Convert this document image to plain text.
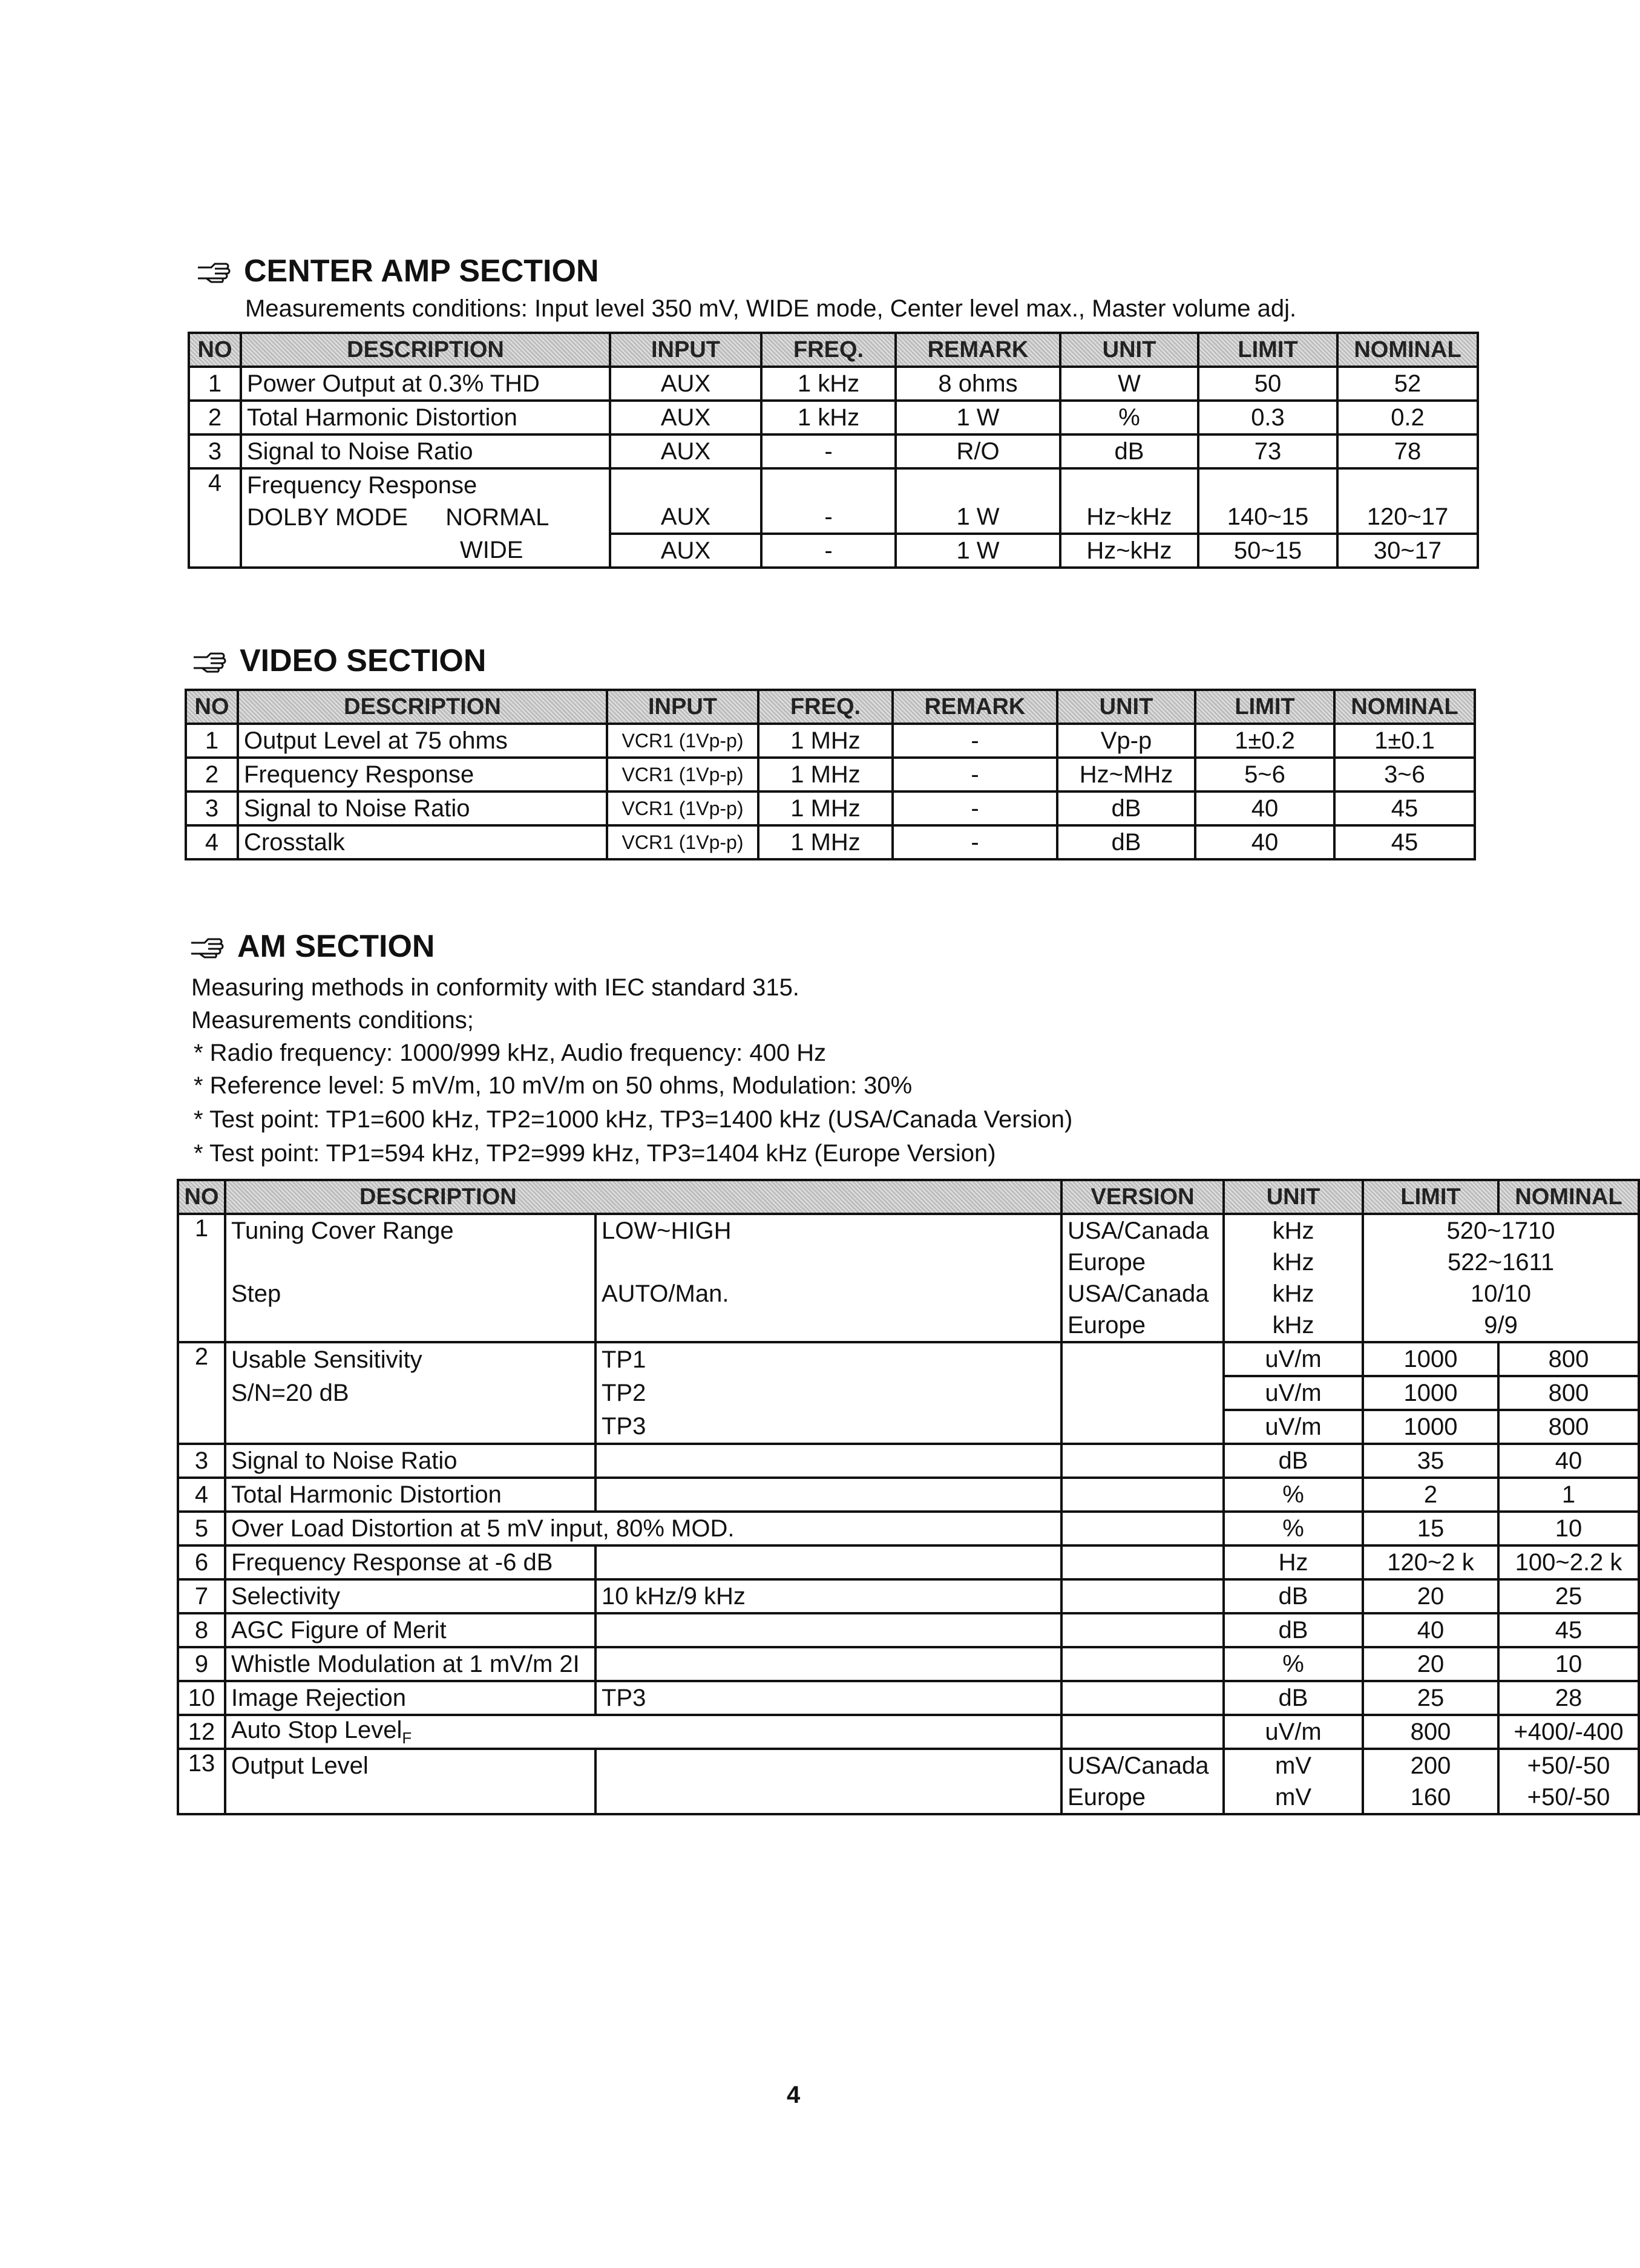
CENTER AMP SECTION
Measurements conditions: Input level 350 mV, WIDE mode, Center level max., Master volume adj.
NO	DESCRIPTION	INPUT	FREQ.	REMARK	UNIT	LIMIT	NOMINAL
1	Power Output at 0.3% THD	AUX	1 kHz	8 ohms	W	50	52
2	Total Harmonic Distortion	AUX	1 kHz	1 W	%	0.3	0.2
3	Signal to Noise Ratio	AUX	-	R/O	dB	73	78
4	Frequency Response						
	DOLBY MODE NORMAL	AUX	-	1 W	Hz~kHz	140~15	120~17
	WIDE	AUX	-	1 W	Hz~kHz	50~15	30~17
VIDEO SECTION
NO	DESCRIPTION	INPUT	FREQ.	REMARK	UNIT	LIMIT	NOMINAL
1	Output Level at 75 ohms	VCR1 (1Vp-p)	1 MHz	-	Vp-p	1±0.2	1±0.1
2	Frequency Response	VCR1 (1Vp-p)	1 MHz	-	Hz~MHz	5~6	3~6
3	Signal to Noise Ratio	VCR1 (1Vp-p)	1 MHz	-	dB	40	45
4	Crosstalk	VCR1 (1Vp-p)	1 MHz	-	dB	40	45
AM SECTION
Measuring methods in conformity with IEC standard 315.
Measurements conditions;
* Radio frequency: 1000/999 kHz, Audio frequency: 400 Hz
* Reference level: 5 mV/m, 10 mV/m on 50 ohms, Modulation: 30%
* Test point: TP1=600 kHz, TP2=1000 kHz, TP3=1400 kHz (USA/Canada Version)
* Test point: TP1=594 kHz, TP2=999 kHz, TP3=1404 kHz (Europe Version)
NO	DESCRIPTION		VERSION	UNIT	LIMIT	NOMINAL
1	Tuning Cover Range	LOW~HIGH	USA/Canada	kHz	520~1710	
			Europe	kHz	522~1611	
	Step	AUTO/Man.	USA/Canada	kHz	10/10	
			Europe	kHz	9/9	
2	Usable Sensitivity	TP1		uV/m	1000	800
	S/N=20 dB	TP2		uV/m	1000	800
		TP3		uV/m	1000	800
3	Signal to Noise Ratio			dB	35	40
4	Total Harmonic Distortion			%	2	1
5	Over Load Distortion at 5 mV input, 80% MOD.			%	15	10
6	Frequency Response at -6 dB			Hz	120~2 k	100~2.2 k
7	Selectivity	10 kHz/9 kHz		dB	20	25
8	AGC Figure of Merit			dB	40	45
9	Whistle Modulation at 1 mV/m 2I			%	20	10
10	Image Rejection	TP3		dB	25	28
12	Auto Stop Level$_F$			uV/m	800	+400/-400
13	Output Level		USA/Canada	mV	200	+50/-50
			Europe	mV	160	+50/-50
4
